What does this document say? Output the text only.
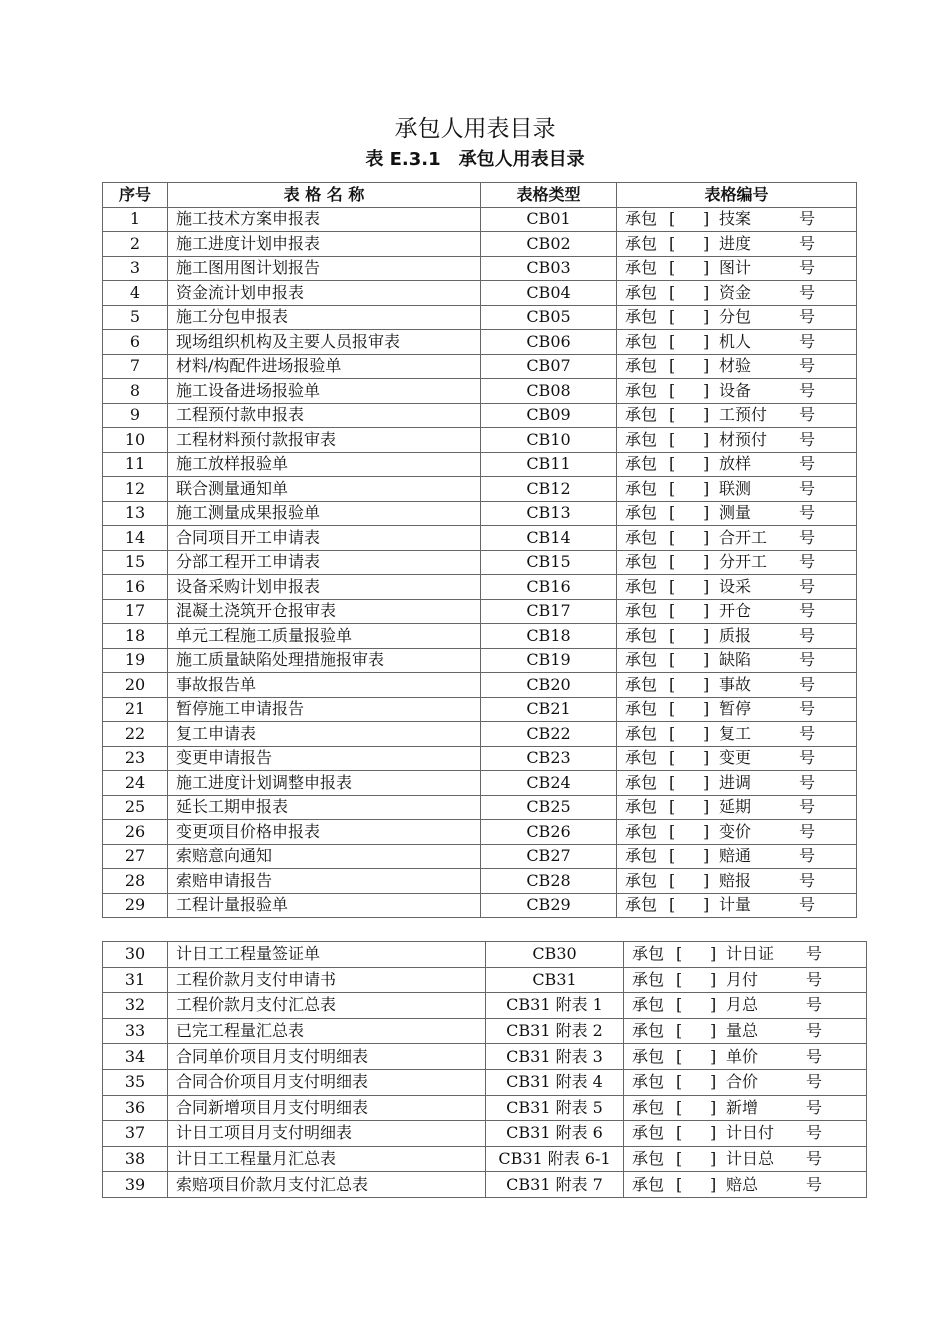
承包人用表目录
表 E.3.1　承包人用表目录
序号	表 格 名 称	表格类型	表格编号
1	施工技术方案申报表	CB01	承包 [ ] 技案 号

2	施工进度计划申报表	CB02	承包 [ ] 进度 号

3	施工图用图计划报告	CB03	承包 [ ] 图计 号

4	资金流计划申报表	CB04	承包 [ ] 资金 号

5	施工分包申报表	CB05	承包 [ ] 分包 号

6	现场组织机构及主要人员报审表	CB06	承包 [ ] 机人 号

7	材料/构配件进场报验单	CB07	承包 [ ] 材验 号

8	施工设备进场报验单	CB08	承包 [ ] 设备 号

9	工程预付款申报表	CB09	承包 [ ] 工预付 号

10	工程材料预付款报审表	CB10	承包 [ ] 材预付 号

11	施工放样报验单	CB11	承包 [ ] 放样 号

12	联合测量通知单	CB12	承包 [ ] 联测 号

13	施工测量成果报验单	CB13	承包 [ ] 测量 号

14	合同项目开工申请表	CB14	承包 [ ] 合开工 号

15	分部工程开工申请表	CB15	承包 [ ] 分开工 号

16	设备采购计划申报表	CB16	承包 [ ] 设采 号

17	混凝土浇筑开仓报审表	CB17	承包 [ ] 开仓 号

18	单元工程施工质量报验单	CB18	承包 [ ] 质报 号

19	施工质量缺陷处理措施报审表	CB19	承包 [ ] 缺陷 号

20	事故报告单	CB20	承包 [ ] 事故 号

21	暂停施工申请报告	CB21	承包 [ ] 暂停 号

22	复工申请表	CB22	承包 [ ] 复工 号

23	变更申请报告	CB23	承包 [ ] 变更 号

24	施工进度计划调整申报表	CB24	承包 [ ] 进调 号

25	延长工期申报表	CB25	承包 [ ] 延期 号

26	变更项目价格申报表	CB26	承包 [ ] 变价 号

27	索赔意向通知	CB27	承包 [ ] 赔通 号

28	索赔申请报告	CB28	承包 [ ] 赔报 号

29	工程计量报验单	CB29	承包 [ ] 计量 号
30	计日工工程量签证单	CB30	承包 [ ] 计日证 号

31	工程价款月支付申请书	CB31	承包 [ ] 月付 号

32	工程价款月支付汇总表	CB31 附表 1	承包 [ ] 月总 号

33	已完工程量汇总表	CB31 附表 2	承包 [ ] 量总 号

34	合同单价项目月支付明细表	CB31 附表 3	承包 [ ] 单价 号

35	合同合价项目月支付明细表	CB31 附表 4	承包 [ ] 合价 号

36	合同新增项目月支付明细表	CB31 附表 5	承包 [ ] 新增 号

37	计日工项目月支付明细表	CB31 附表 6	承包 [ ] 计日付 号

38	计日工工程量月汇总表	CB31 附表 6-1	承包 [ ] 计日总 号

39	索赔项目价款月支付汇总表	CB31 附表 7	承包 [ ] 赔总 号
